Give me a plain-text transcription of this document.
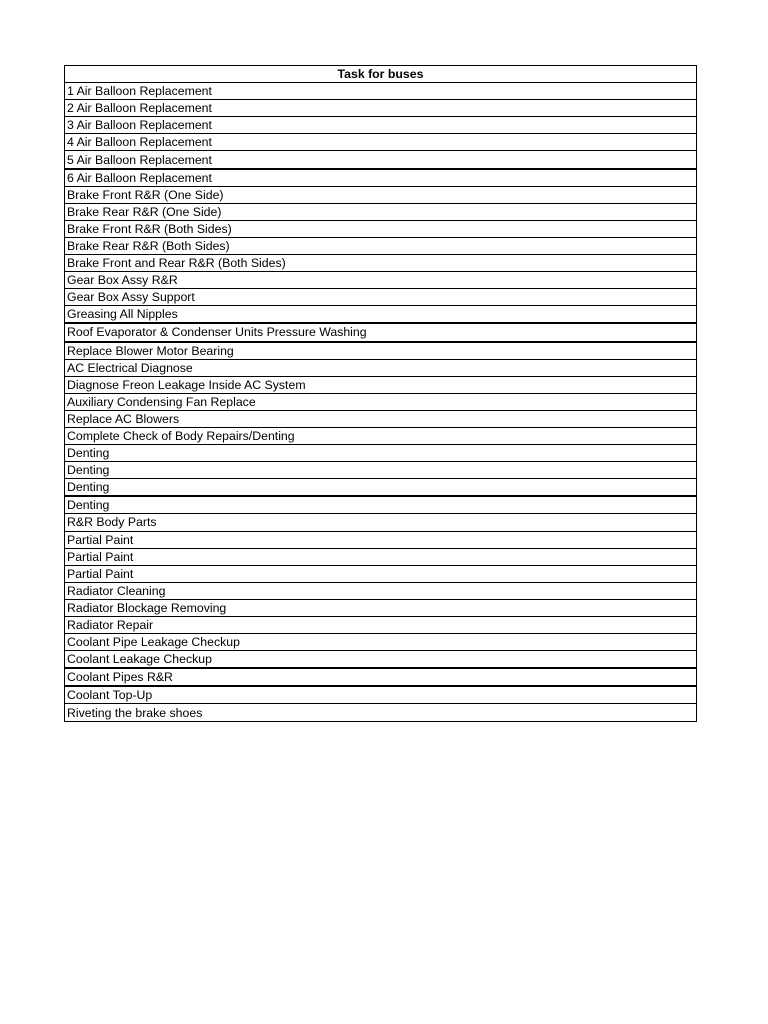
Task for buses
1 Air Balloon Replacement
2 Air Balloon Replacement
3 Air Balloon Replacement
4 Air Balloon Replacement
5 Air Balloon Replacement
6 Air Balloon Replacement
Brake Front R&R (One Side)
Brake Rear R&R (One Side)
Brake Front R&R (Both Sides)
Brake Rear R&R (Both Sides)
Brake Front and Rear R&R (Both Sides)
Gear Box Assy R&R
Gear Box Assy Support
Greasing All Nipples
Roof Evaporator & Condenser Units Pressure Washing
Replace Blower Motor Bearing
AC Electrical Diagnose
Diagnose Freon Leakage Inside AC System
Auxiliary Condensing Fan Replace
Replace AC Blowers
Complete Check of Body Repairs/Denting
Denting
Denting
Denting
Denting
R&R Body Parts
Partial Paint
Partial Paint
Partial Paint
Radiator Cleaning
Radiator Blockage Removing
Radiator Repair
Coolant Pipe Leakage Checkup
Coolant Leakage Checkup
Coolant Pipes R&R
Coolant Top-Up
Riveting the brake shoes
